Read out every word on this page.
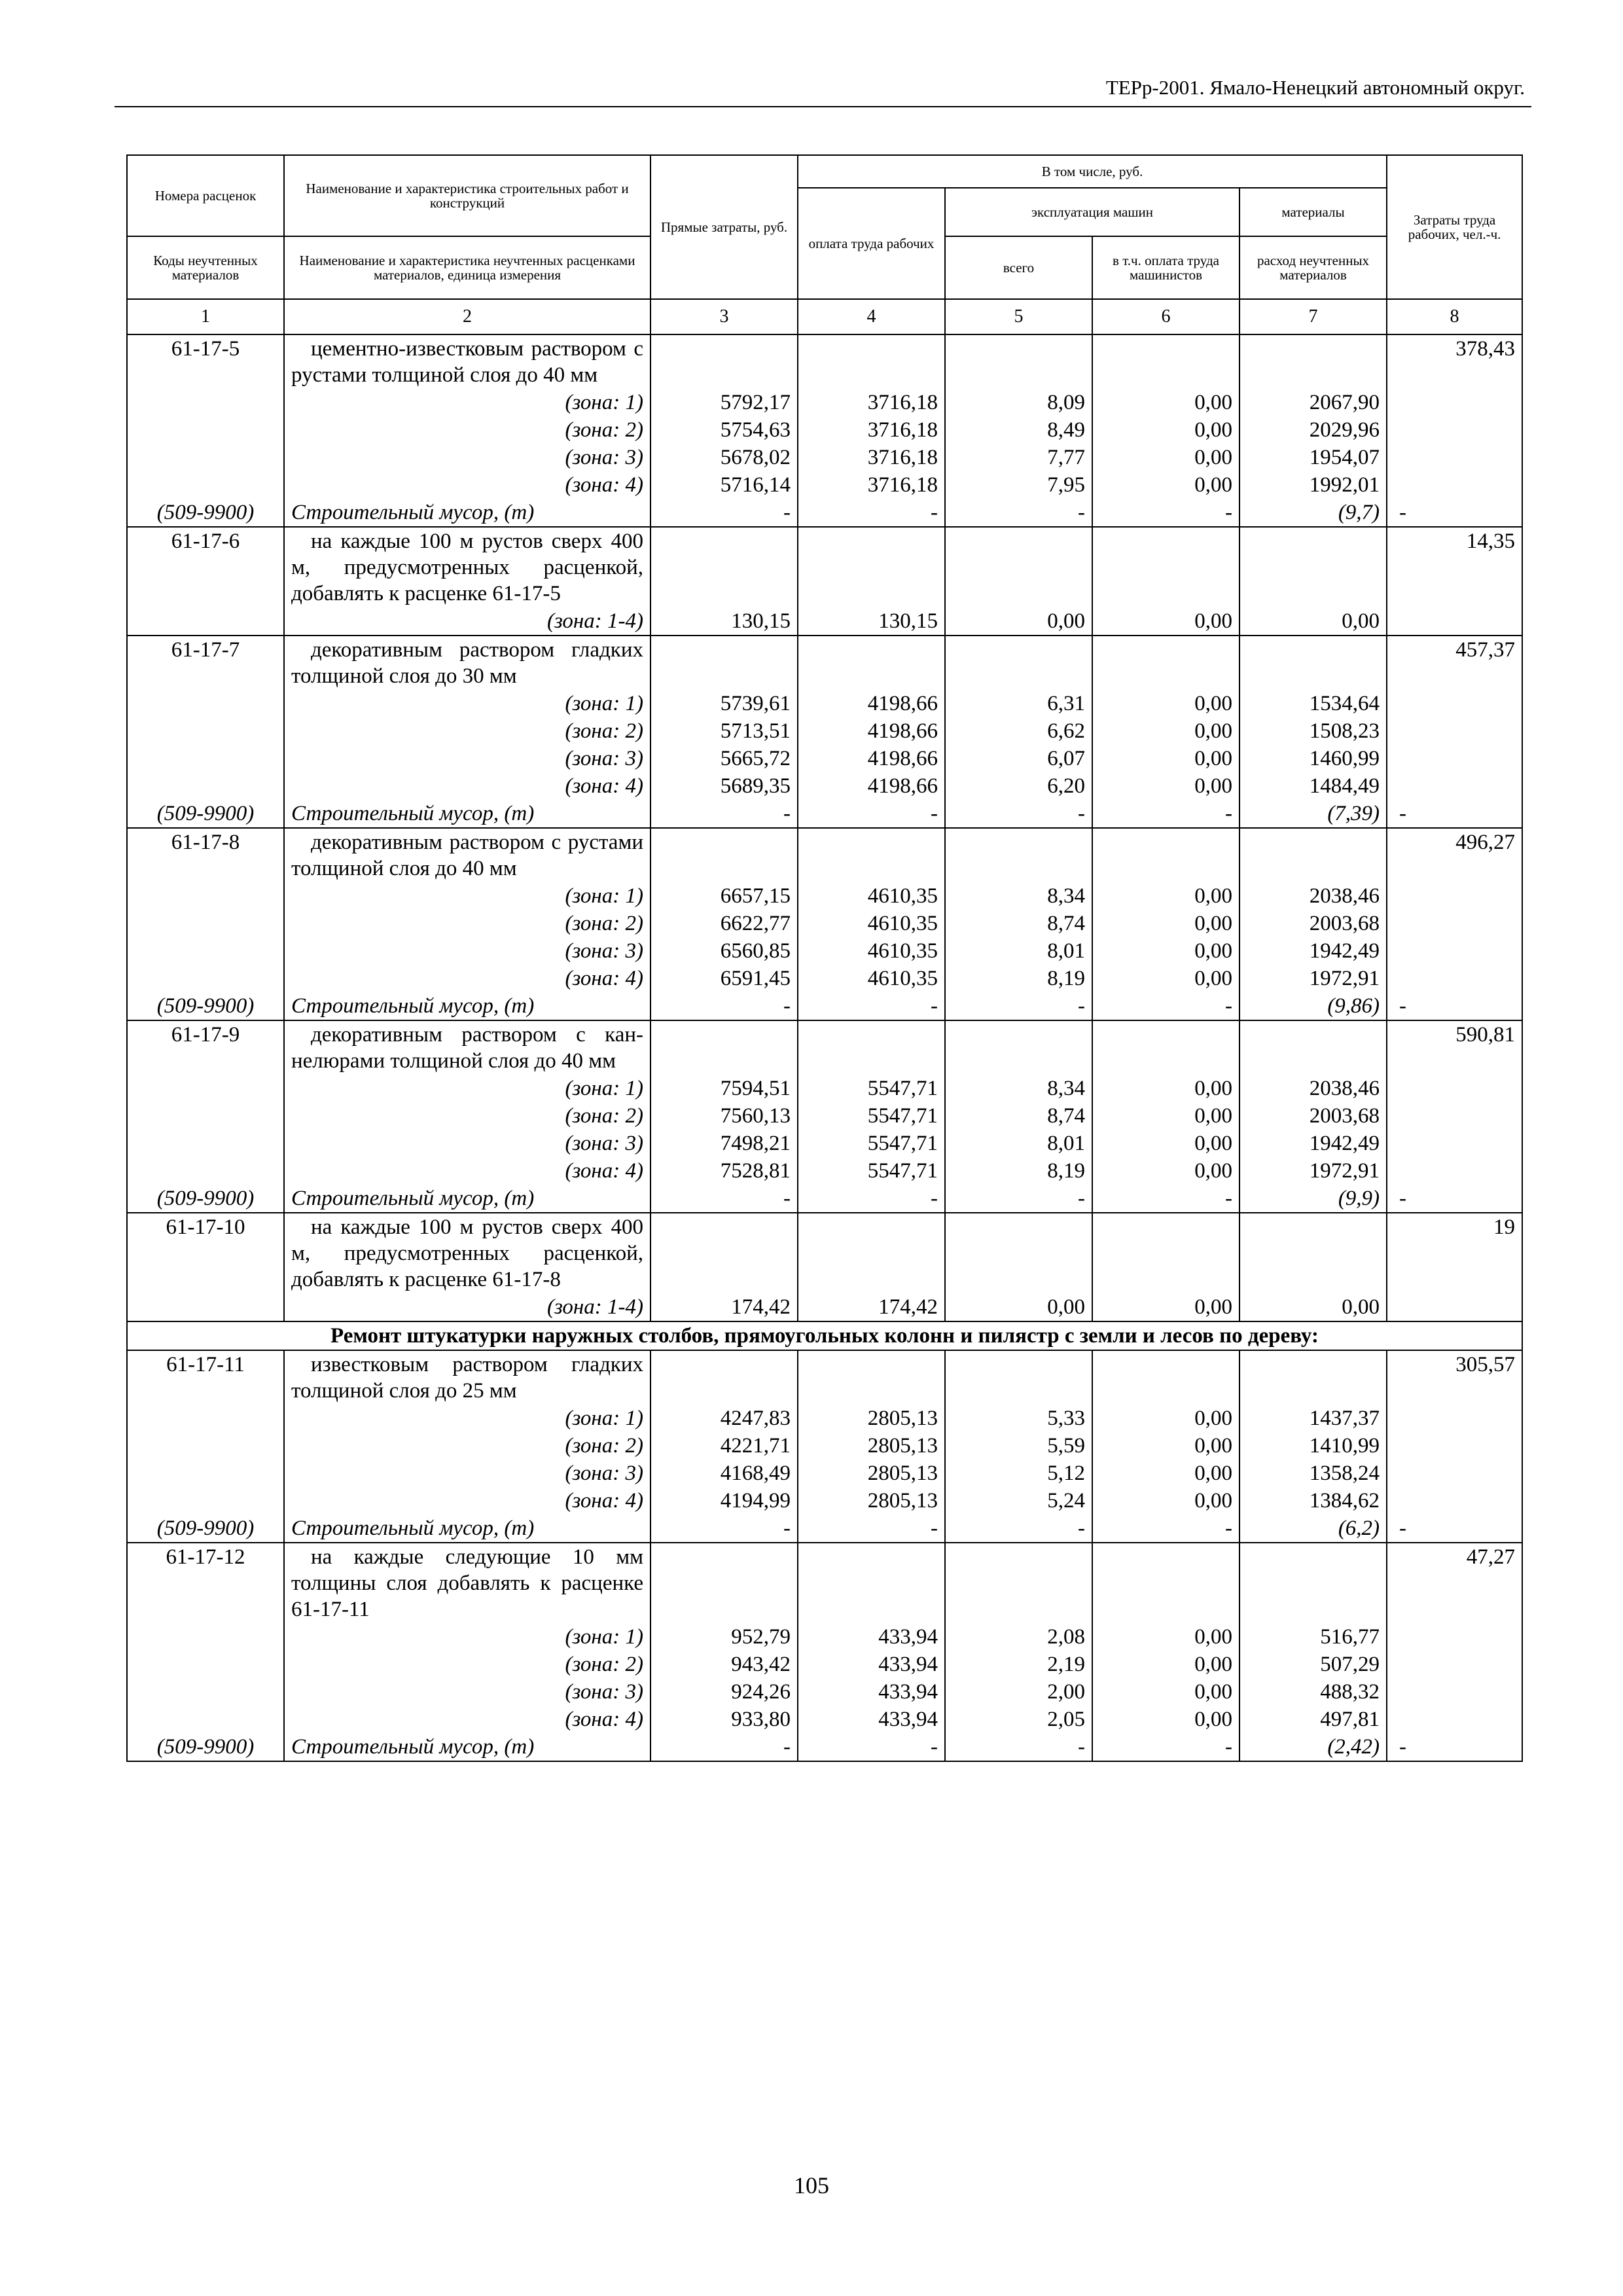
ТЕРр-2001. Ямало-Ненецкий автономный округ.
Номера расценок	Наименование и характеристика строительных работ и конструкций	Прямые затраты, руб.	В том числе, руб.				Затраты труда рабочих, чел.-ч.
			оплата труда рабочих	эксплуатация машин		материалы	
Коды неучтенных материалов	Наименование и характеристика неучтенных расценками материалов, единица измерения			всего	в т.ч. оплата труда машинистов	расход неучтенных материалов	
1	2	3	4	5	6	7	8
61-17-5	цементно-известковым раствором с рустами толщиной слоя до 40 мм						378,43
	(зона: 1)	5792,17	3716,18	8,09	0,00	2067,90	
	(зона: 2)	5754,63	3716,18	8,49	0,00	2029,96	
	(зона: 3)	5678,02	3716,18	7,77	0,00	1954,07	
	(зона: 4)	5716,14	3716,18	7,95	0,00	1992,01	
(509-9900)	Строительный мусор, (т)	-	-	-	-	(9,7)	-
61-17-6	на каждые 100 м рустов сверх 400 м, предусмотренных расценкой, добавлять к расценке 61-17-5						14,35
	(зона: 1-4)	130,15	130,15	0,00	0,00	0,00	
61-17-7	декоративным раствором гладких толщиной слоя до 30 мм						457,37
	(зона: 1)	5739,61	4198,66	6,31	0,00	1534,64	
	(зона: 2)	5713,51	4198,66	6,62	0,00	1508,23	
	(зона: 3)	5665,72	4198,66	6,07	0,00	1460,99	
	(зона: 4)	5689,35	4198,66	6,20	0,00	1484,49	
(509-9900)	Строительный мусор, (т)	-	-	-	-	(7,39)	-
61-17-8	декоративным раствором с рустами толщиной слоя до 40 мм						496,27
	(зона: 1)	6657,15	4610,35	8,34	0,00	2038,46	
	(зона: 2)	6622,77	4610,35	8,74	0,00	2003,68	
	(зона: 3)	6560,85	4610,35	8,01	0,00	1942,49	
	(зона: 4)	6591,45	4610,35	8,19	0,00	1972,91	
(509-9900)	Строительный мусор, (т)	-	-	-	-	(9,86)	-
61-17-9	декоративным раствором с каннелюрами толщиной слоя до 40 мм						590,81
	(зона: 1)	7594,51	5547,71	8,34	0,00	2038,46	
	(зона: 2)	7560,13	5547,71	8,74	0,00	2003,68	
	(зона: 3)	7498,21	5547,71	8,01	0,00	1942,49	
	(зона: 4)	7528,81	5547,71	8,19	0,00	1972,91	
(509-9900)	Строительный мусор, (т)	-	-	-	-	(9,9)	-
61-17-10	на каждые 100 м рустов сверх 400 м, предусмотренных расценкой, добавлять к расценке 61-17-8						19
	(зона: 1-4)	174,42	174,42	0,00	0,00	0,00	
Ремонт штукатурки наружных столбов, прямоугольных колонн и пилястр с земли и лесов по дереву:							
61-17-11	известковым раствором гладких толщиной слоя до 25 мм						305,57
	(зона: 1)	4247,83	2805,13	5,33	0,00	1437,37	
	(зона: 2)	4221,71	2805,13	5,59	0,00	1410,99	
	(зона: 3)	4168,49	2805,13	5,12	0,00	1358,24	
	(зона: 4)	4194,99	2805,13	5,24	0,00	1384,62	
(509-9900)	Строительный мусор, (т)	-	-	-	-	(6,2)	-
61-17-12	на каждые следующие 10 мм толщины слоя добавлять к расценке 61-17-11						47,27
	(зона: 1)	952,79	433,94	2,08	0,00	516,77	
	(зона: 2)	943,42	433,94	2,19	0,00	507,29	
	(зона: 3)	924,26	433,94	2,00	0,00	488,32	
	(зона: 4)	933,80	433,94	2,05	0,00	497,81	
(509-9900)	Строительный мусор, (т)	-	-	-	-	(2,42)	-
105
